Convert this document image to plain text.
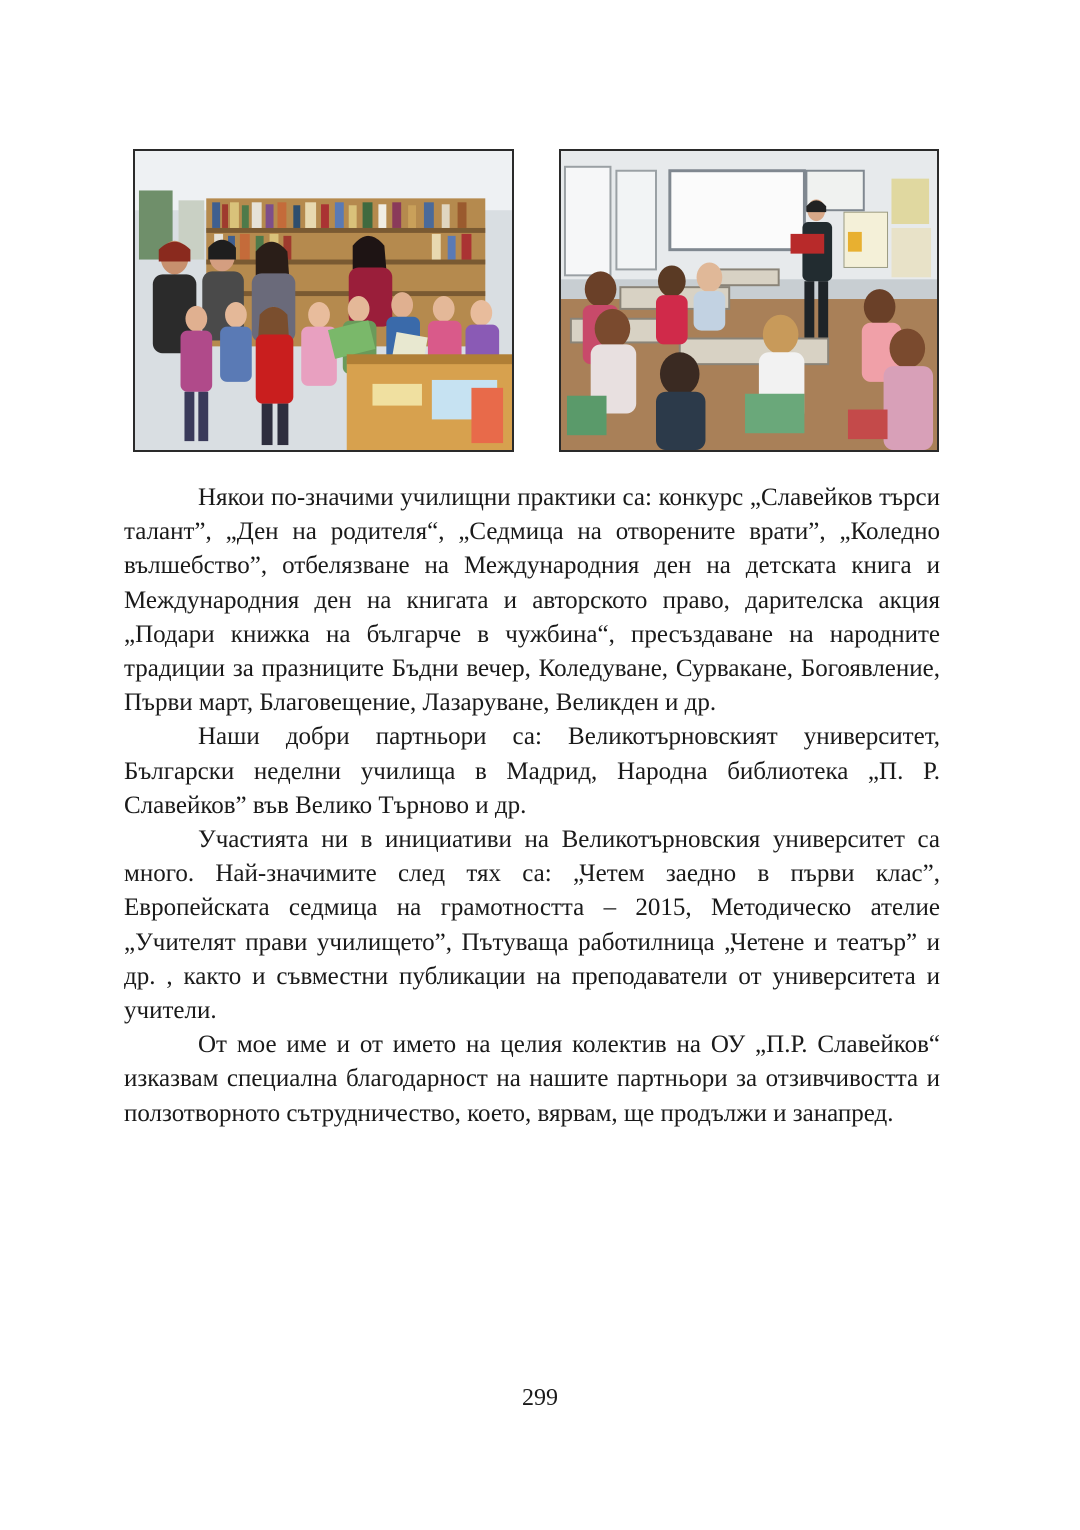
Някои по-значими училищни практики са: конкурс „Славейков търси талант”, „Ден на родителя“, „Седмица на отворените врати”, „Коледно вълшебство”, отбелязване на Международния ден на детската книга и Международния ден на книгата и авторското право, дарителска акция „Подари книжка на българче в чужбина“, пресъздаване на народните традиции за празниците Бъдни вечер, Коледуване, Сурвакане, Богоявление, Първи март, Благовещение, Лазаруване, Великден и др.

Наши добри партньори са: Великотърновският университет, Български неделни училища в Мадрид, Народна библиотека „П. Р. Славейков” във Велико Търново и др.

Участията ни в инициативи на Великотърновския университет са много. Най-значимите след тях са: „Четем заедно в първи клас”, Европейската седмица на грамотността – 2015, Методическо ателие „Учителят прави училището”, Пътуваща работилница „Четене и театър” и др. , както и съвместни публикации на преподаватели от университета и учители.

От мое име и от името на целия колектив на ОУ „П.Р. Славейков“ изказвам специална благодарност на нашите партньори за отзивчивостта и ползотворното сътрудничество, което, вярвам, ще продължи и занапред.

299
